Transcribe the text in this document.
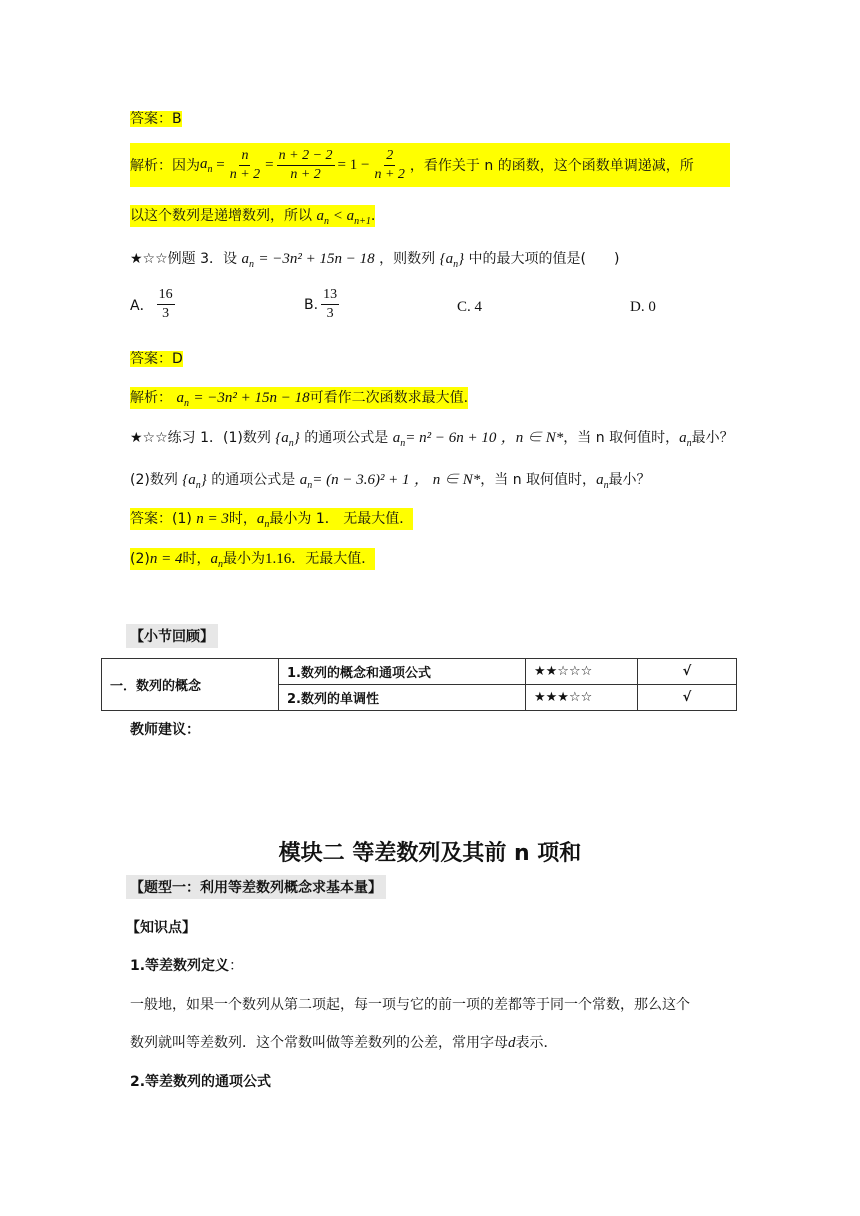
答案：B
解析：因为 $a_n = \frac{n}{n + 2} = \frac{n + 2 - 2}{n + 2} = 1 - \frac{2}{n + 2}$ ，看作关于 n 的函数，这个函数单调递减，所
以这个数列是递增数列，所以 $a_n < a_{n+1}$.
★☆☆例题 3．设 $a_n = -3n^2 + 15n - 18$ ，则数列 $\{a_n\}$ 中的最大项的值是(　　)
A． $\frac{16}{3}$	B. $\frac{13}{3}$	C. 4	D. 0
答案：D
解析： $a_n = -3n^2 + 15n - 18$可看作二次函数求最大值.
★☆☆练习 1．(1)数列 $\{a_n\}$ 的通项公式是 $a_n= n^2 - 6n + 10$ ，n ∈ N*，当 n 取何值时，$a_n$最小？
(2)数列 $\{a_n\}$ 的通项公式是 $a_n= (n - 3.6)^2 + 1$ ， n ∈ N*，当 n 取何值时，$a_n$最小？
答案：(1) n = 3时，$a_n$最小为 1． 无最大值．
(2)n = 4时，$a_n$最小为1.16．无最大值．
【小节回顾】
一．数列的概念	1.数列的概念和通项公式	★★☆☆☆	√
	2.数列的单调性	★★★☆☆	√
教师建议：
模块二 等差数列及其前 n 项和
【题型一：利用等差数列概念求基本量】
【知识点】
1.等差数列定义：
一般地，如果一个数列从第二项起，每一项与它的前一项的差都等于同一个常数，那么这个
数列就叫等差数列．这个常数叫做等差数列的公差，常用字母d表示．
2.等差数列的通项公式
